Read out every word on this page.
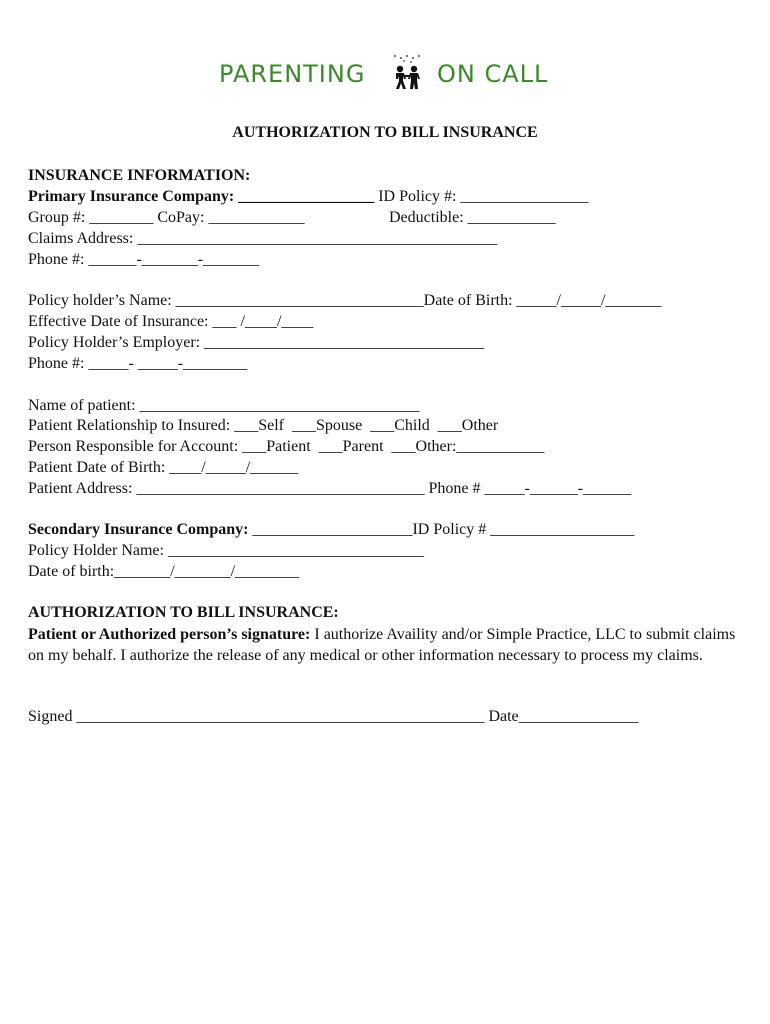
PARENTING	ON CALL
AUTHORIZATION TO BILL INSURANCE
INSURANCE INFORMATION:
Primary Insurance Company: _________________ ID Policy #: ________________
Group #: ________ CoPay: ____________	Deductible: ___________
Claims Address: _____________________________________________
Phone #: ______-_______-_______
Policy holder’s Name: _______________________________Date of Birth: _____/_____/_______
Effective Date of Insurance: ___ /____/____
Policy Holder’s Employer: ___________________________________
Phone #: _____- _____-________
Name of patient: ___________________________________
Patient Relationship to Insured: ___Self  ___Spouse  ___Child  ___Other
Person Responsible for Account: ___Patient  ___Parent  ___Other:___________
Patient Date of Birth: ____/_____/______
Patient Address: ____________________________________ Phone # _____-______-______
Secondary Insurance Company: ____________________ID Policy # __________________
Policy Holder Name: ________________________________
Date of birth:_______/_______/________
AUTHORIZATION TO BILL INSURANCE:
Patient or Authorized person’s signature: I authorize Availity and/or Simple Practice, LLC to submit claims on my behalf. I authorize the release of any medical or other information necessary to process my claims.
Signed ___________________________________________________ Date_______________
